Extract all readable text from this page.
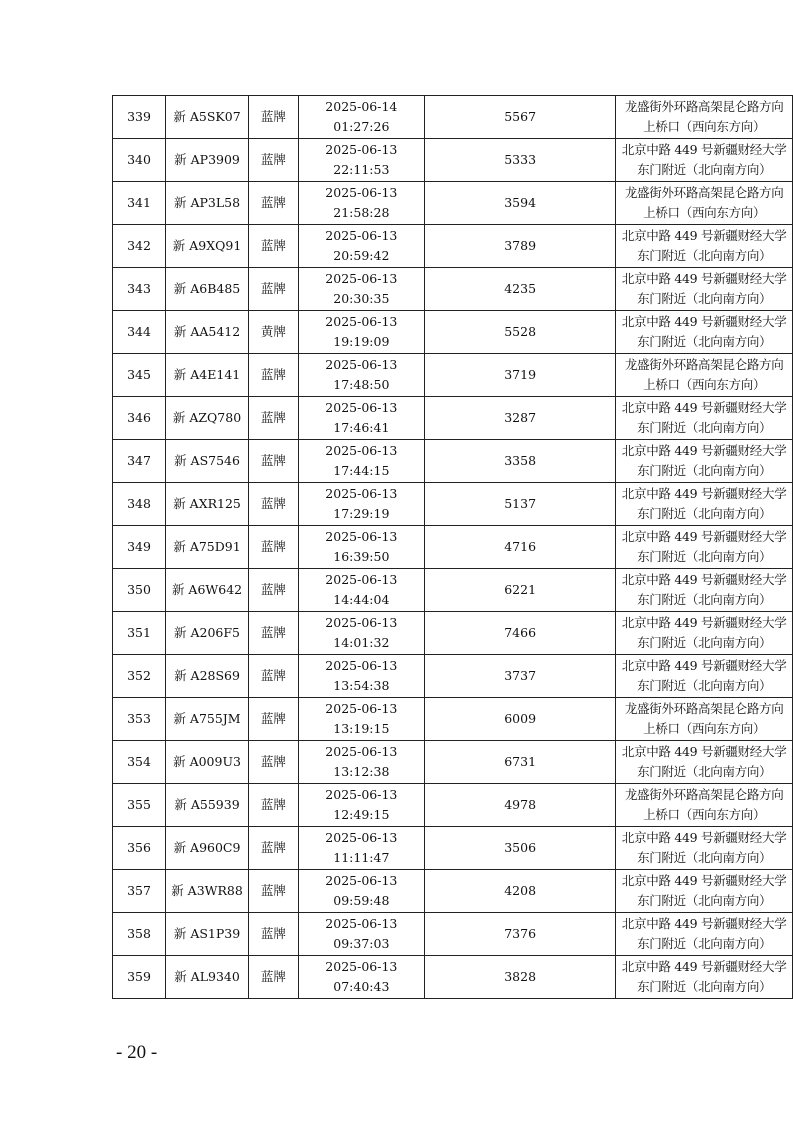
339	新 A5SK07	蓝牌	2025-06-14
01:27:26	5567	龙盛街外环路高架昆仑路方向
上桥口（西向东方向）

340	新 AP3909	蓝牌	2025-06-13
22:11:53	5333	北京中路 449 号新疆财经大学
东门附近（北向南方向）

341	新 AP3L58	蓝牌	2025-06-13
21:58:28	3594	龙盛街外环路高架昆仑路方向
上桥口（西向东方向）

342	新 A9XQ91	蓝牌	2025-06-13
20:59:42	3789	北京中路 449 号新疆财经大学
东门附近（北向南方向）

343	新 A6B485	蓝牌	2025-06-13
20:30:35	4235	北京中路 449 号新疆财经大学
东门附近（北向南方向）

344	新 AA5412	黄牌	2025-06-13
19:19:09	5528	北京中路 449 号新疆财经大学
东门附近（北向南方向）

345	新 A4E141	蓝牌	2025-06-13
17:48:50	3719	龙盛街外环路高架昆仑路方向
上桥口（西向东方向）

346	新 AZQ780	蓝牌	2025-06-13
17:46:41	3287	北京中路 449 号新疆财经大学
东门附近（北向南方向）

347	新 AS7546	蓝牌	2025-06-13
17:44:15	3358	北京中路 449 号新疆财经大学
东门附近（北向南方向）

348	新 AXR125	蓝牌	2025-06-13
17:29:19	5137	北京中路 449 号新疆财经大学
东门附近（北向南方向）

349	新 A75D91	蓝牌	2025-06-13
16:39:50	4716	北京中路 449 号新疆财经大学
东门附近（北向南方向）

350	新 A6W642	蓝牌	2025-06-13
14:44:04	6221	北京中路 449 号新疆财经大学
东门附近（北向南方向）

351	新 A206F5	蓝牌	2025-06-13
14:01:32	7466	北京中路 449 号新疆财经大学
东门附近（北向南方向）

352	新 A28S69	蓝牌	2025-06-13
13:54:38	3737	北京中路 449 号新疆财经大学
东门附近（北向南方向）

353	新 A755JM	蓝牌	2025-06-13
13:19:15	6009	龙盛街外环路高架昆仑路方向
上桥口（西向东方向）

354	新 A009U3	蓝牌	2025-06-13
13:12:38	6731	北京中路 449 号新疆财经大学
东门附近（北向南方向）

355	新 A55939	蓝牌	2025-06-13
12:49:15	4978	龙盛街外环路高架昆仑路方向
上桥口（西向东方向）

356	新 A960C9	蓝牌	2025-06-13
11:11:47	3506	北京中路 449 号新疆财经大学
东门附近（北向南方向）

357	新 A3WR88	蓝牌	2025-06-13
09:59:48	4208	北京中路 449 号新疆财经大学
东门附近（北向南方向）

358	新 AS1P39	蓝牌	2025-06-13
09:37:03	7376	北京中路 449 号新疆财经大学
东门附近（北向南方向）

359	新 AL9340	蓝牌	2025-06-13
07:40:43	3828	北京中路 449 号新疆财经大学
东门附近（北向南方向）
- 20 -
